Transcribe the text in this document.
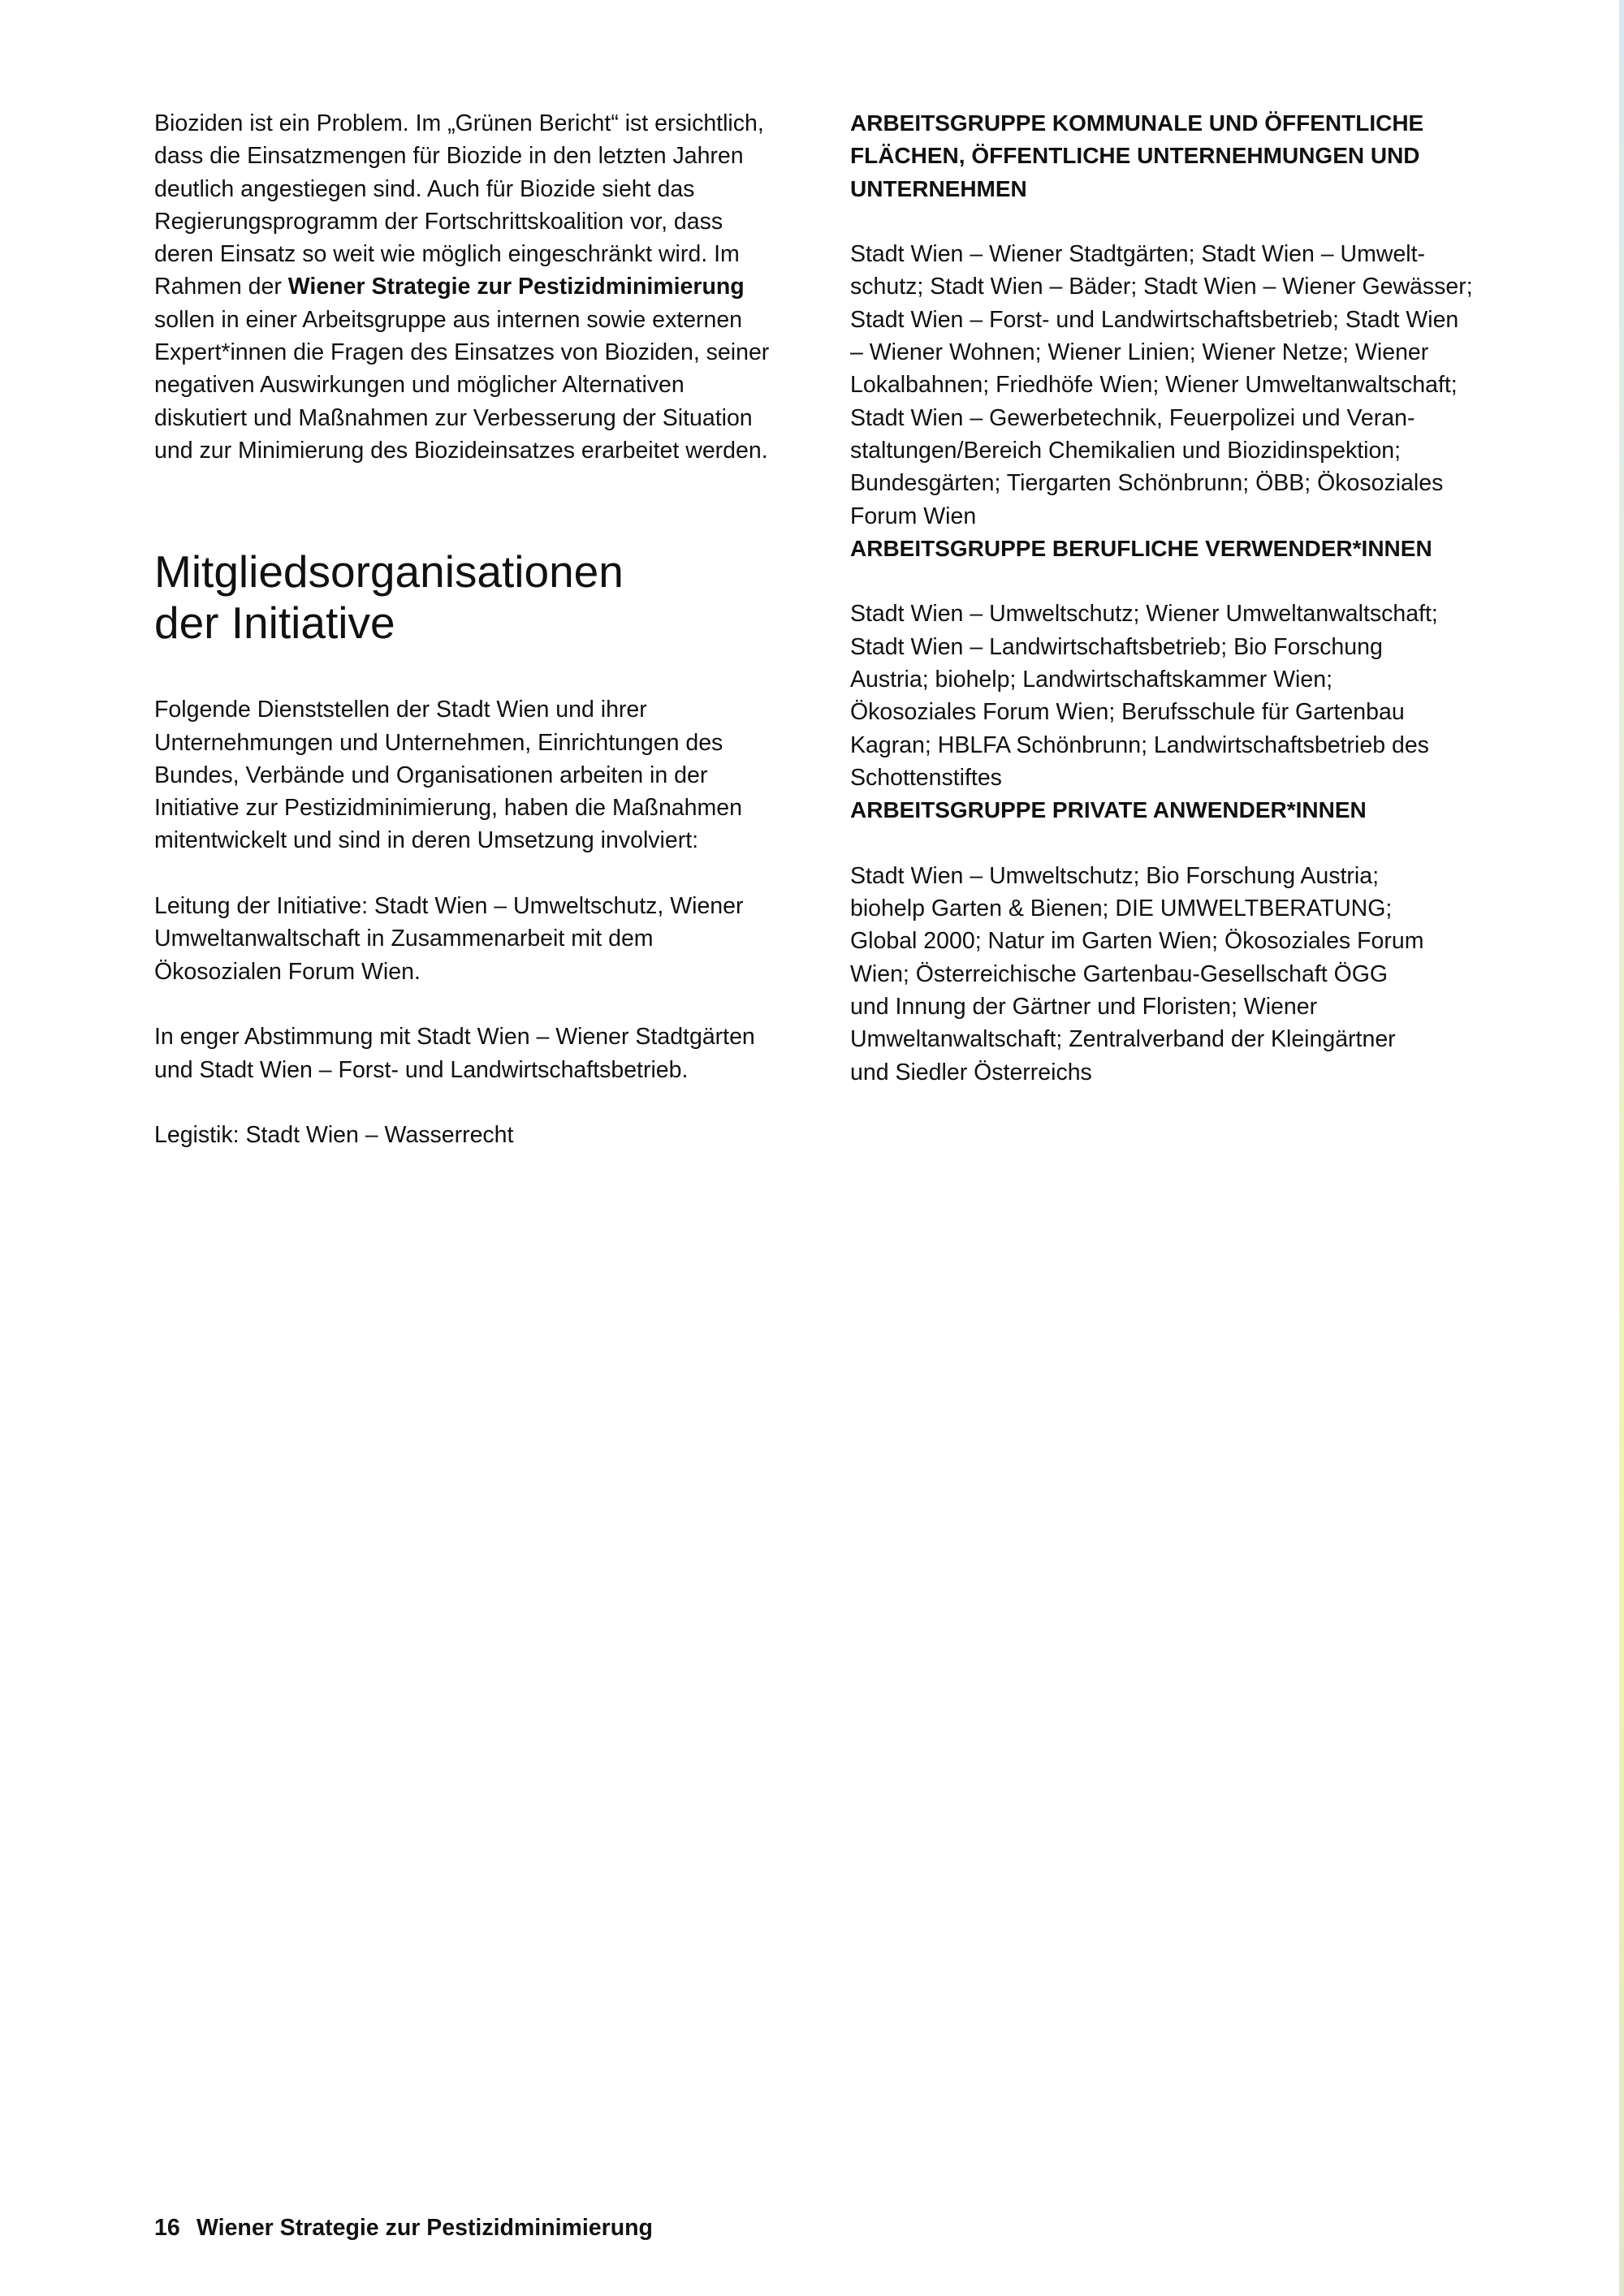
Bioziden ist ein Problem. Im „Grünen Bericht“ ist ersichtlich,
dass die Einsatzmengen für Biozide in den letzten Jahren
deutlich angestiegen sind. Auch für Biozide sieht das
Regierungsprogramm der Fortschrittskoalition vor, dass
deren Einsatz so weit wie möglich eingeschränkt wird. Im
Rahmen der Wiener Strategie zur Pestizidminimierung
sollen in einer Arbeitsgruppe aus internen sowie externen
Expert*innen die Fragen des Einsatzes von Bioziden, seiner
negativen Auswirkungen und möglicher Alternativen
diskutiert und Maßnahmen zur Verbesserung der Situation
und zur Minimierung des Biozideinsatzes erarbeitet werden.

Mitgliedsorganisationen
der Initiative

Folgende Dienststellen der Stadt Wien und ihrer
Unternehmungen und Unternehmen, Einrichtungen des
Bundes, Verbände und Organisationen arbeiten in der
Initiative zur Pestizidminimierung, haben die Maßnahmen
mitentwickelt und sind in deren Umsetzung involviert:

Leitung der Initiative: Stadt Wien – Umweltschutz, Wiener
Umweltanwaltschaft in Zusammenarbeit mit dem
Ökosozialen Forum Wien.

In enger Abstimmung mit Stadt Wien – Wiener Stadtgärten
und Stadt Wien – Forst- und Landwirtschaftsbetrieb.

Legistik: Stadt Wien – Wasserrecht

ARBEITSGRUPPE KOMMUNALE UND ÖFFENTLICHE
FLÄCHEN, ÖFFENTLICHE UNTERNEHMUNGEN UND
UNTERNEHMEN

Stadt Wien – Wiener Stadtgärten; Stadt Wien – Umwelt-
schutz; Stadt Wien – Bäder; Stadt Wien – Wiener Gewässer;
Stadt Wien – Forst- und Landwirtschaftsbetrieb; Stadt Wien
– Wiener Wohnen; Wiener Linien; Wiener Netze; Wiener
Lokalbahnen; Friedhöfe Wien; Wiener Umweltanwaltschaft;
Stadt Wien – Gewerbetechnik, Feuerpolizei und Veran-
staltungen/Bereich Chemikalien und Biozidinspektion;
Bundesgärten; Tiergarten Schönbrunn; ÖBB; Ökosoziales
Forum Wien

ARBEITSGRUPPE BERUFLICHE VERWENDER*INNEN

Stadt Wien – Umweltschutz; Wiener Umweltanwaltschaft;
Stadt Wien – Landwirtschaftsbetrieb; Bio Forschung
Austria; biohelp; Landwirtschaftskammer Wien;
Ökosoziales Forum Wien; Berufsschule für Gartenbau
Kagran; HBLFA Schönbrunn; Landwirtschaftsbetrieb des
Schottenstiftes

ARBEITSGRUPPE PRIVATE ANWENDER*INNEN

Stadt Wien – Umweltschutz; Bio Forschung Austria;
biohelp Garten & Bienen; DIE UMWELTBERATUNG;
Global 2000; Natur im Garten Wien; Ökosoziales Forum
Wien; Österreichische Gartenbau-Gesellschaft ÖGG
und Innung der Gärtner und Floristen; Wiener
Umweltanwaltschaft; Zentralverband der Kleingärtner
und Siedler Österreichs

16 Wiener Strategie zur Pestizidminimierung
